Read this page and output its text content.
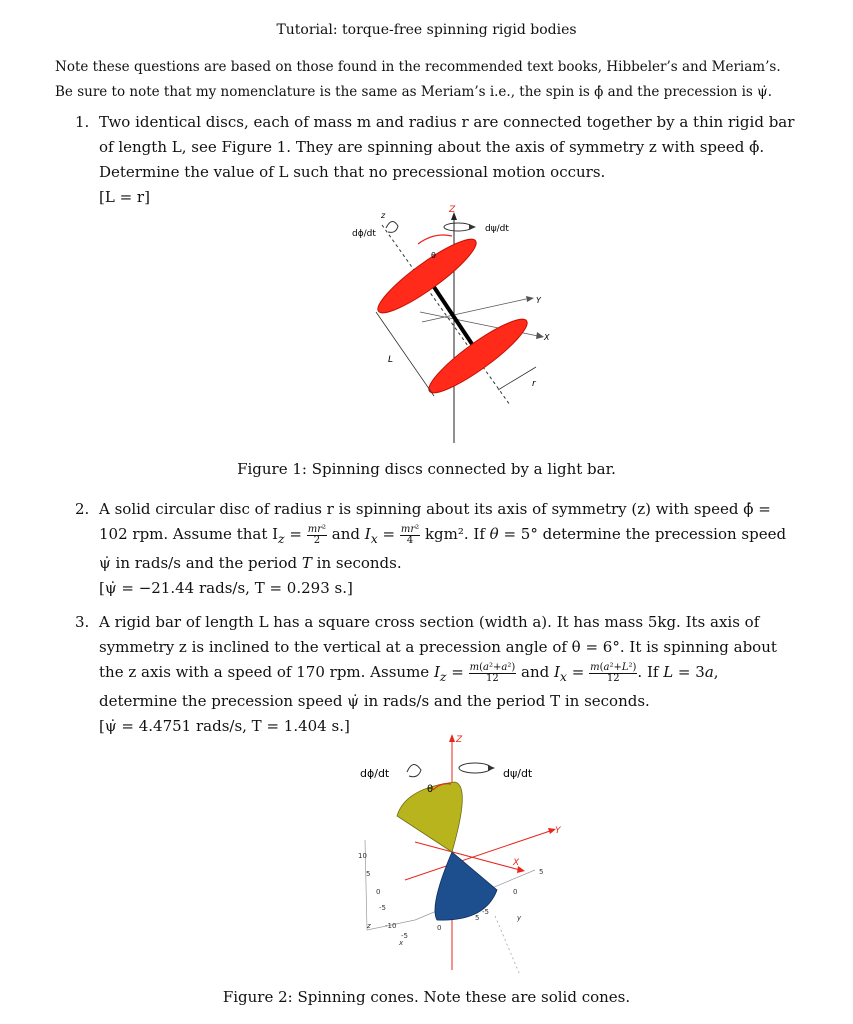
Tutorial: torque-free spinning rigid bodies
Note these questions are based on those found in the recommended text books, Hibbeler’s and Meriam’s. Be sure to note that my nomenclature is the same as Meriam’s i.e., the spin is ϕ̇ and the precession is ψ̇.
1. Two identical discs, each of mass m and radius r are connected together by a thin rigid bar of length L, see Figure 1. They are spinning about the axis of symmetry z with speed ϕ̇. Determine the value of L such that no precessional motion occurs.
[L = r]
dϕ/dt	dψ/dt
z
Z
θ
Y
X
L
r
Figure 1: Spinning discs connected by a light bar.
2. A solid circular disc of radius r is spinning about its axis of symmetry (z) with speed ϕ̇ = 102 rpm. Assume that $I_z = \frac{\text{mr²}}{2}$ and $I_x = \frac{\text{mr²}}{4} kgm^2$. If θ = 5° determine the precession speed ψ̇ in rads/s and the period T in seconds.
[ψ̇ = −21.44 rads/s, T = 0.293 s.]
3. A rigid bar of length L has a square cross section (width a). It has mass 5kg. Its axis of symmetry z is inclined to the vertical at a precession angle of θ = 6°. It is spinning about the z axis with a speed of 170 rpm. Assume $I_z = \frac{\text{m(a²+a²)}}{12}$ and $I_x = \frac{\text{m(a²+L²)}}{12}$ . If L = 3a, determine the precession speed ψ̇ in rads/s and the period T in seconds.
[ψ̇ = 4.4751 rads/s, T = 1.404 s.]
dϕ/dt	dψ/dt
Z
θ
Y
X
10
5
0
-5
-10
z
-5
0
x
5
0
-5
y
5
Figure 2: Spinning cones. Note these are solid cones.
